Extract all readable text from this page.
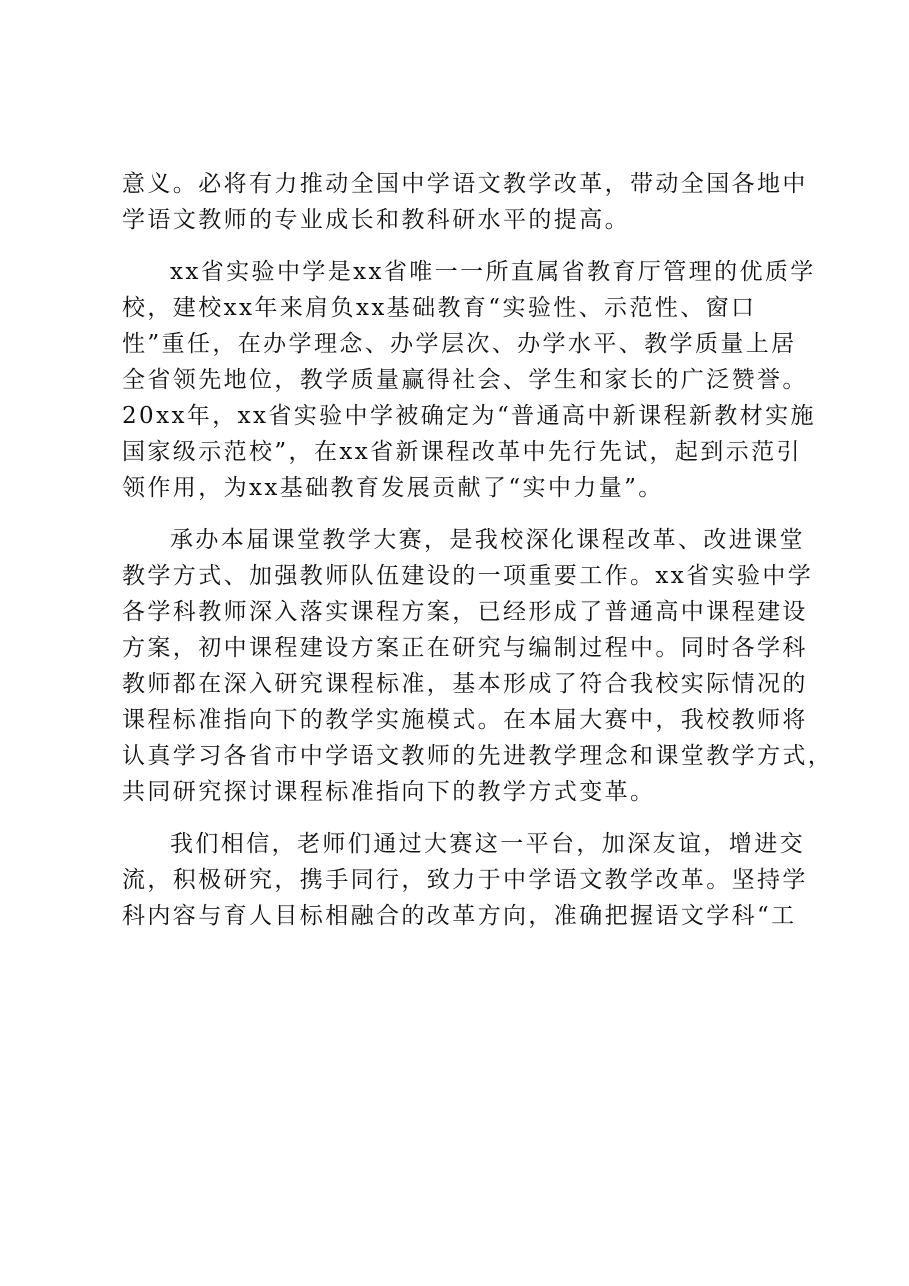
意义。必将有力推动全国中学语文教学改革，带动全国各地中
学语文教师的专业成长和教科研水平的提高。
xx省实验中学是xx省唯一一所直属省教育厅管理的优质学
校，建校xx年来肩负xx基础教育“实验性、示范性、窗口
性”重任，在办学理念、办学层次、办学水平、教学质量上居
全省领先地位，教学质量赢得社会、学生和家长的广泛赞誉。
20xx年，xx省实验中学被确定为“普通高中新课程新教材实施
国家级示范校”，在xx省新课程改革中先行先试，起到示范引
领作用，为xx基础教育发展贡献了“实中力量”。
承办本届课堂教学大赛，是我校深化课程改革、改进课堂
教学方式、加强教师队伍建设的一项重要工作。xx省实验中学
各学科教师深入落实课程方案，已经形成了普通高中课程建设
方案，初中课程建设方案正在研究与编制过程中。同时各学科
教师都在深入研究课程标准，基本形成了符合我校实际情况的
课程标准指向下的教学实施模式。在本届大赛中，我校教师将
认真学习各省市中学语文教师的先进教学理念和课堂教学方式，
共同研究探讨课程标准指向下的教学方式变革。
我们相信，老师们通过大赛这一平台，加深友谊，增进交
流，积极研究，携手同行，致力于中学语文教学改革。坚持学
科内容与育人目标相融合的改革方向，准确把握语文学科“工
